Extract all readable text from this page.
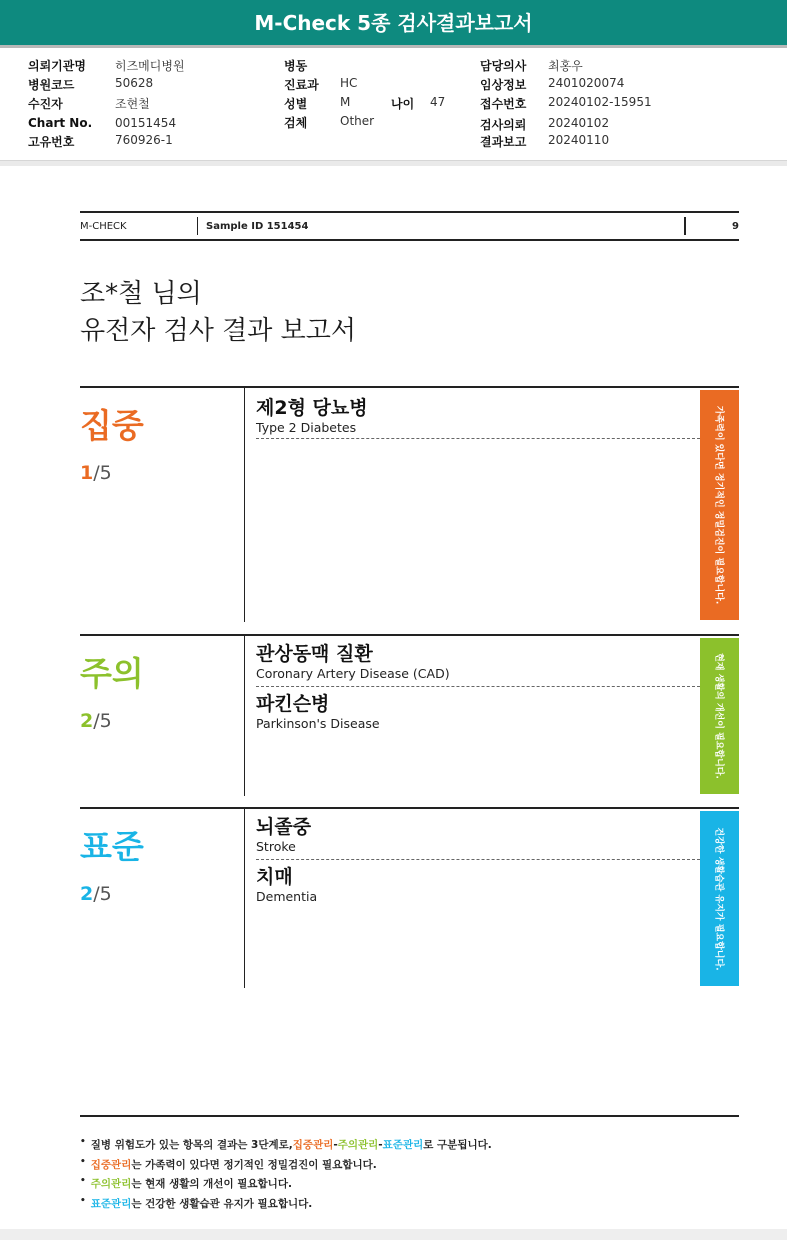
M-Check 5종 검사결과보고서
의뢰기관명 히즈메디병원
병원코드	50628
수진자	조현철
Chart No. 00151454
고유번호	760926-1
병동
진료과 HC
성별	M	나이 47
검체	Other
담당의사 최홍우
임상정보 2401020074
접수번호 20240102-15951
검사의뢰 20240102
결과보고 20240110
M-CHECK	Sample ID 151454	9
조*철 님의
유전자 검사 결과 보고서
집중
1/5
제2형 당뇨병
Type 2 Diabetes	가족력이 있다면 정기적인 정밀검진이 필요합니다.
주의
2/5
관상동맥 질환
Coronary Artery Disease (CAD)
파킨슨병
Parkinson's Disease	현재 생활의 개선이 필요합니다.
표준
2/5
뇌졸중
Stroke
치매
Dementia	건강한 생활습관 유지가 필요합니다.
• 질병 위험도가 있는 항목의 결과는 3단계로, 집중관리 - 주의관리 - 표준관리 로 구분됩니다.
• 집중관리 는 가족력이 있다면 정기적인 정밀검진이 필요합니다.
• 주의관리 는 현재 생활의 개선이 필요합니다.
• 표준관리 는 건강한 생활습관 유지가 필요합니다.
